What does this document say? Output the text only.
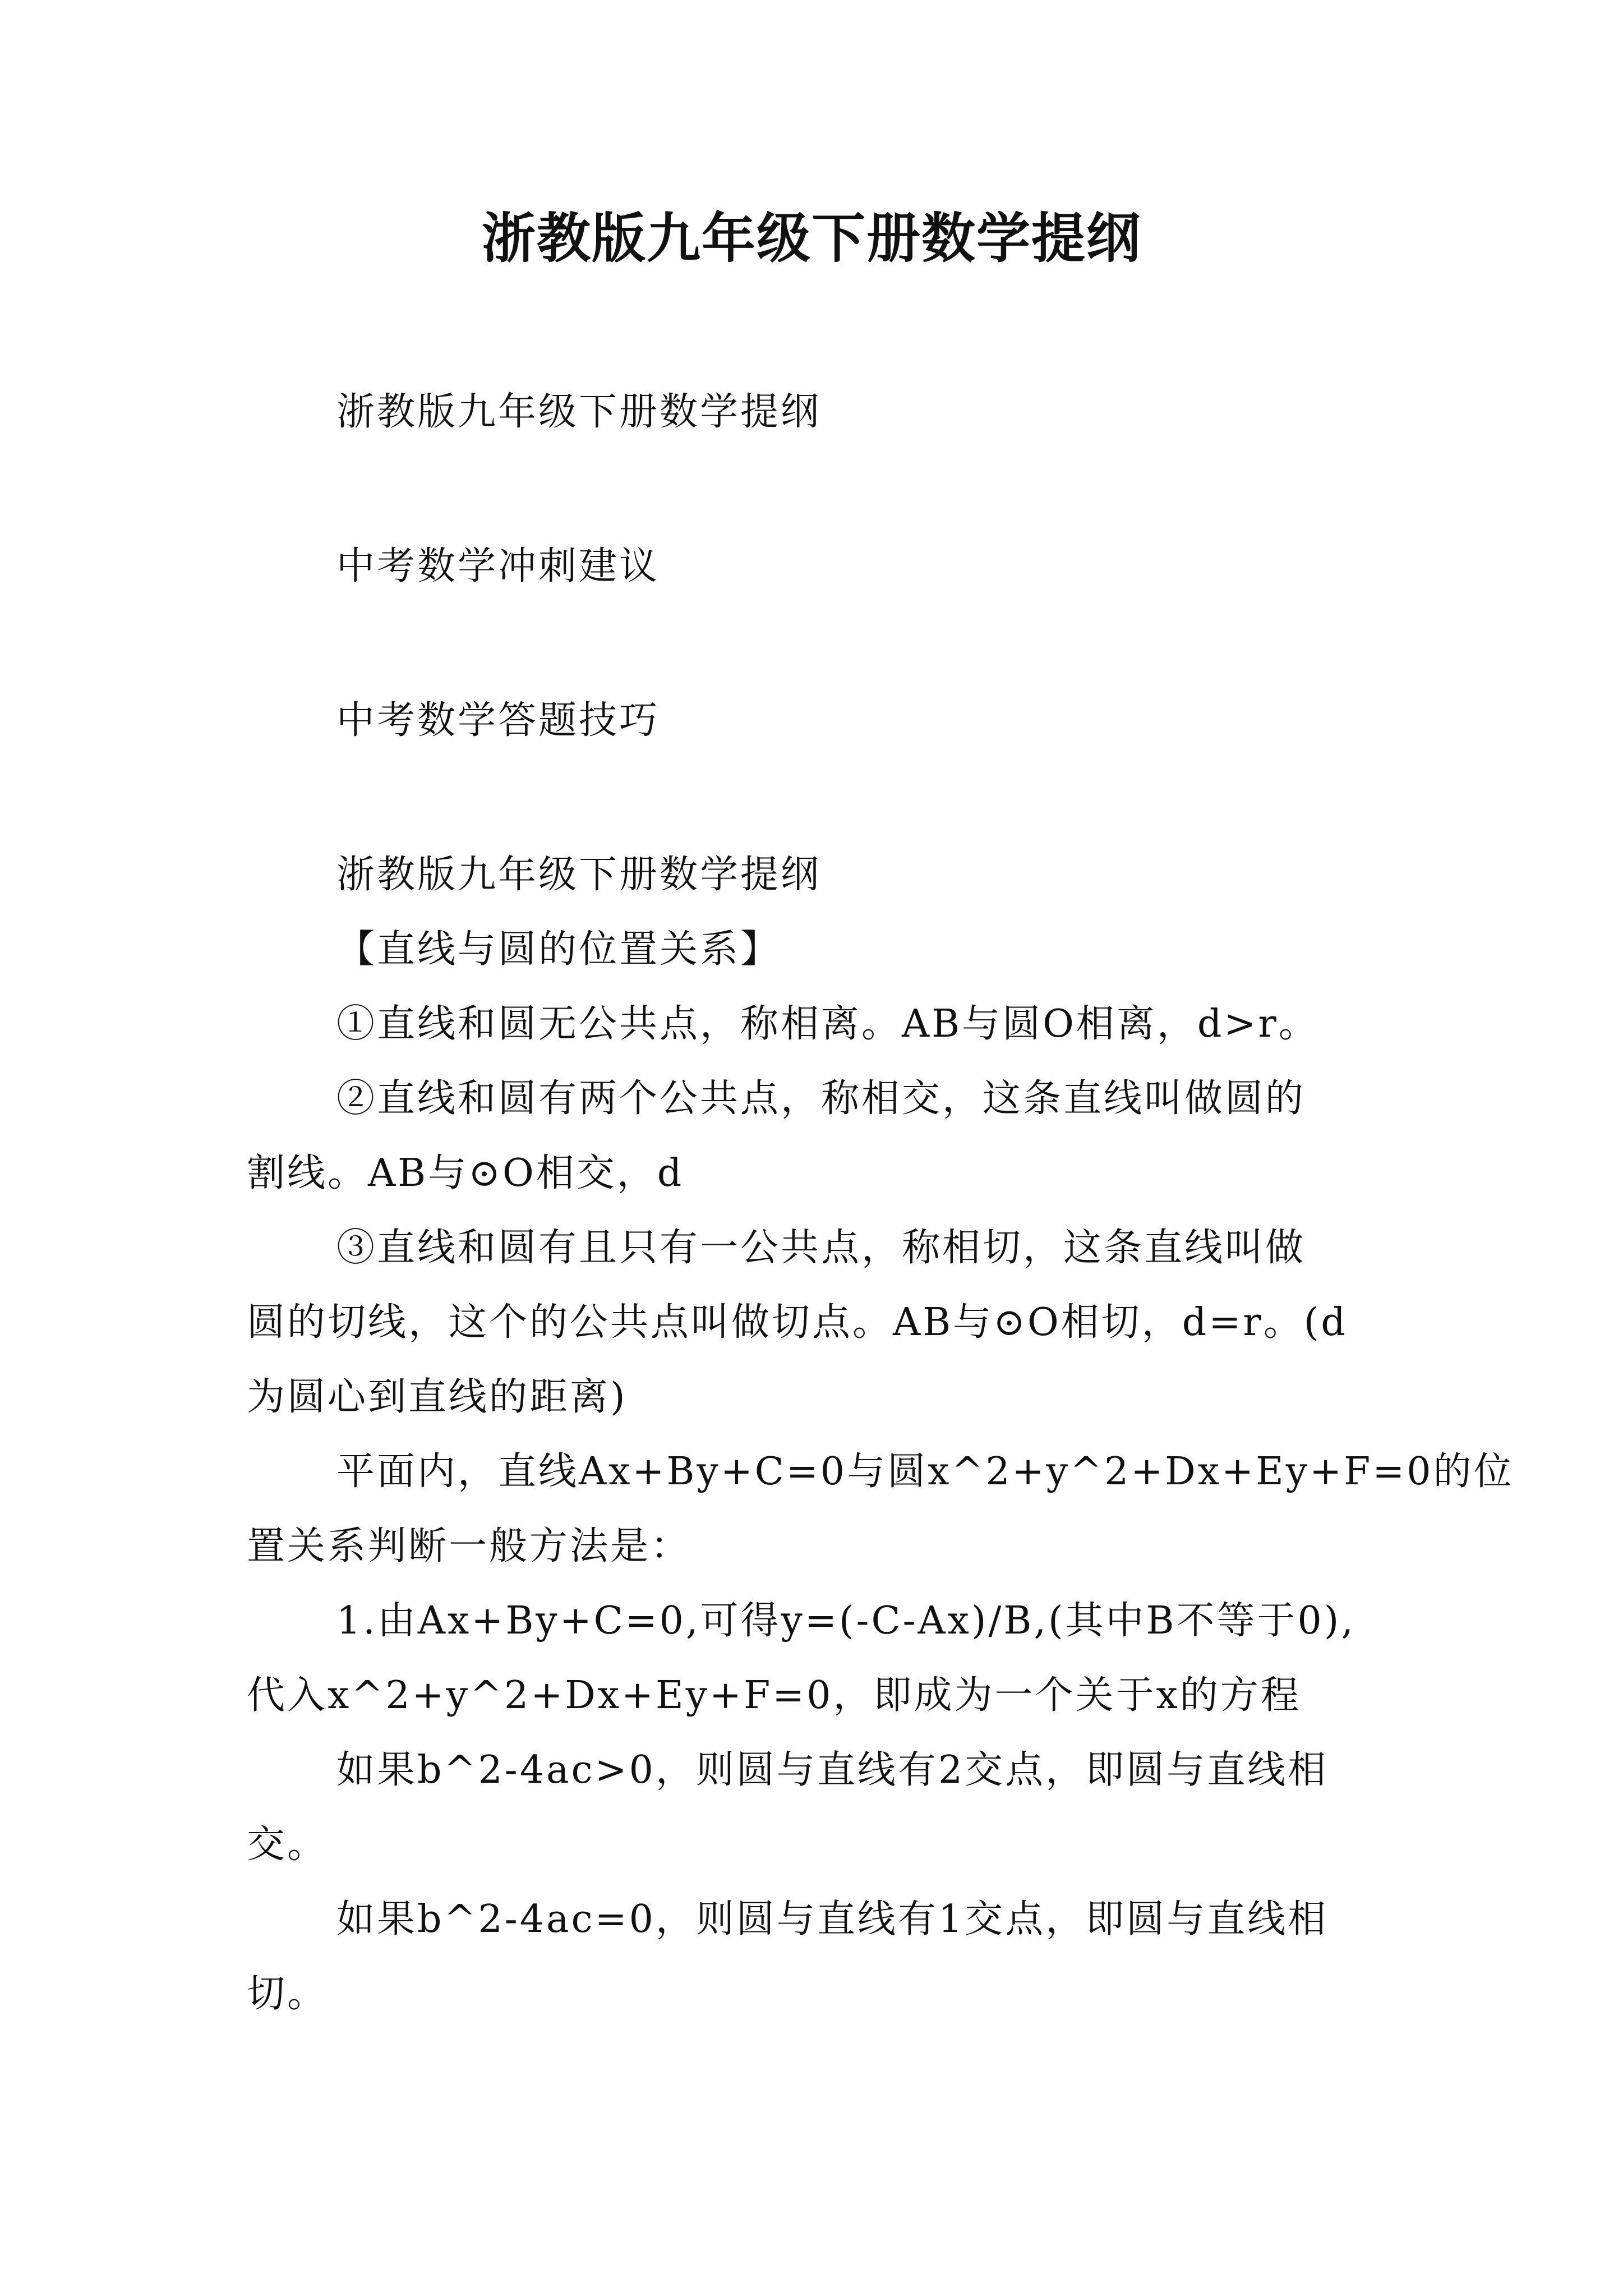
浙教版九年级下册数学提纲

浙教版九年级下册数学提纲

中考数学冲刺建议

中考数学答题技巧

浙教版九年级下册数学提纲

【直线与圆的位置关系】

①直线和圆无公共点，称相离。AB与圆O相离，d>r。

②直线和圆有两个公共点，称相交，这条直线叫做圆的

割线。AB与⊙O相交，d

③直线和圆有且只有一公共点，称相切，这条直线叫做

圆的切线，这个的公共点叫做切点。AB与⊙O相切，d=r。(d

为圆心到直线的距离)

平面内，直线Ax+By+C=0与圆x^2+y^2+Dx+Ey+F=0的位

置关系判断一般方法是：

1.由Ax+By+C=0,可得y=(-C-Ax)/B,(其中B不等于0),

代入x^2+y^2+Dx+Ey+F=0，即成为一个关于x的方程

如果b^2-4ac>0，则圆与直线有2交点，即圆与直线相

交。

如果b^2-4ac=0，则圆与直线有1交点，即圆与直线相

切。
